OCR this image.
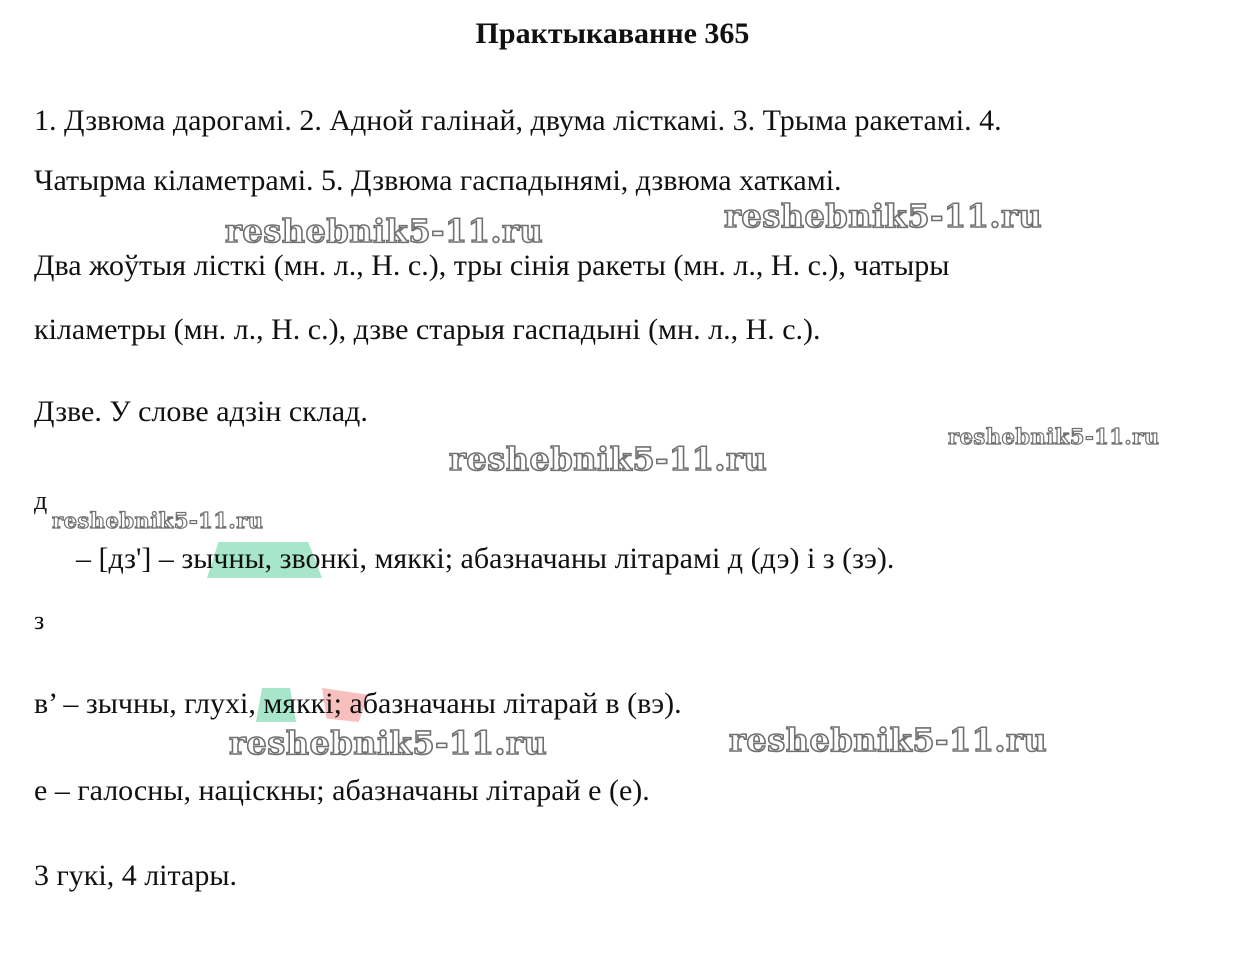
Практыкаванне 365

1. Дзвюма дарогамі. 2. Адной галінай, двума лісткамі. 3. Трыма ракетамі. 4.

Чатырма кіламетрамі. 5. Дзвюма гаспадынямі, дзвюма хаткамі.

Два жоўтыя лісткі (мн. л., Н. с.), тры сінія ракеты (мн. л., Н. с.), чатыры

кіламетры (мн. л., Н. с.), дзве старыя гаспадыні (мн. л., Н. с.).

Дзве. У слове адзін склад.

д

– [дз'] – зычны, звонкі, мяккі; абазначаны літарамі д (дэ) і з (зэ).

з

в’ – зычны, глухі, мяккі; абазначаны літарай в (вэ).

е – галосны, націскны; абазначаны літарай е (е).

3 гукі, 4 літары.

reshebnik5-11.ru	reshebnik5-11.ru
reshebnik5-11.ru
reshebnik5-11.ru
reshebnik5-11.ru
reshebnik5-11.ru	reshebnik5-11.ru
